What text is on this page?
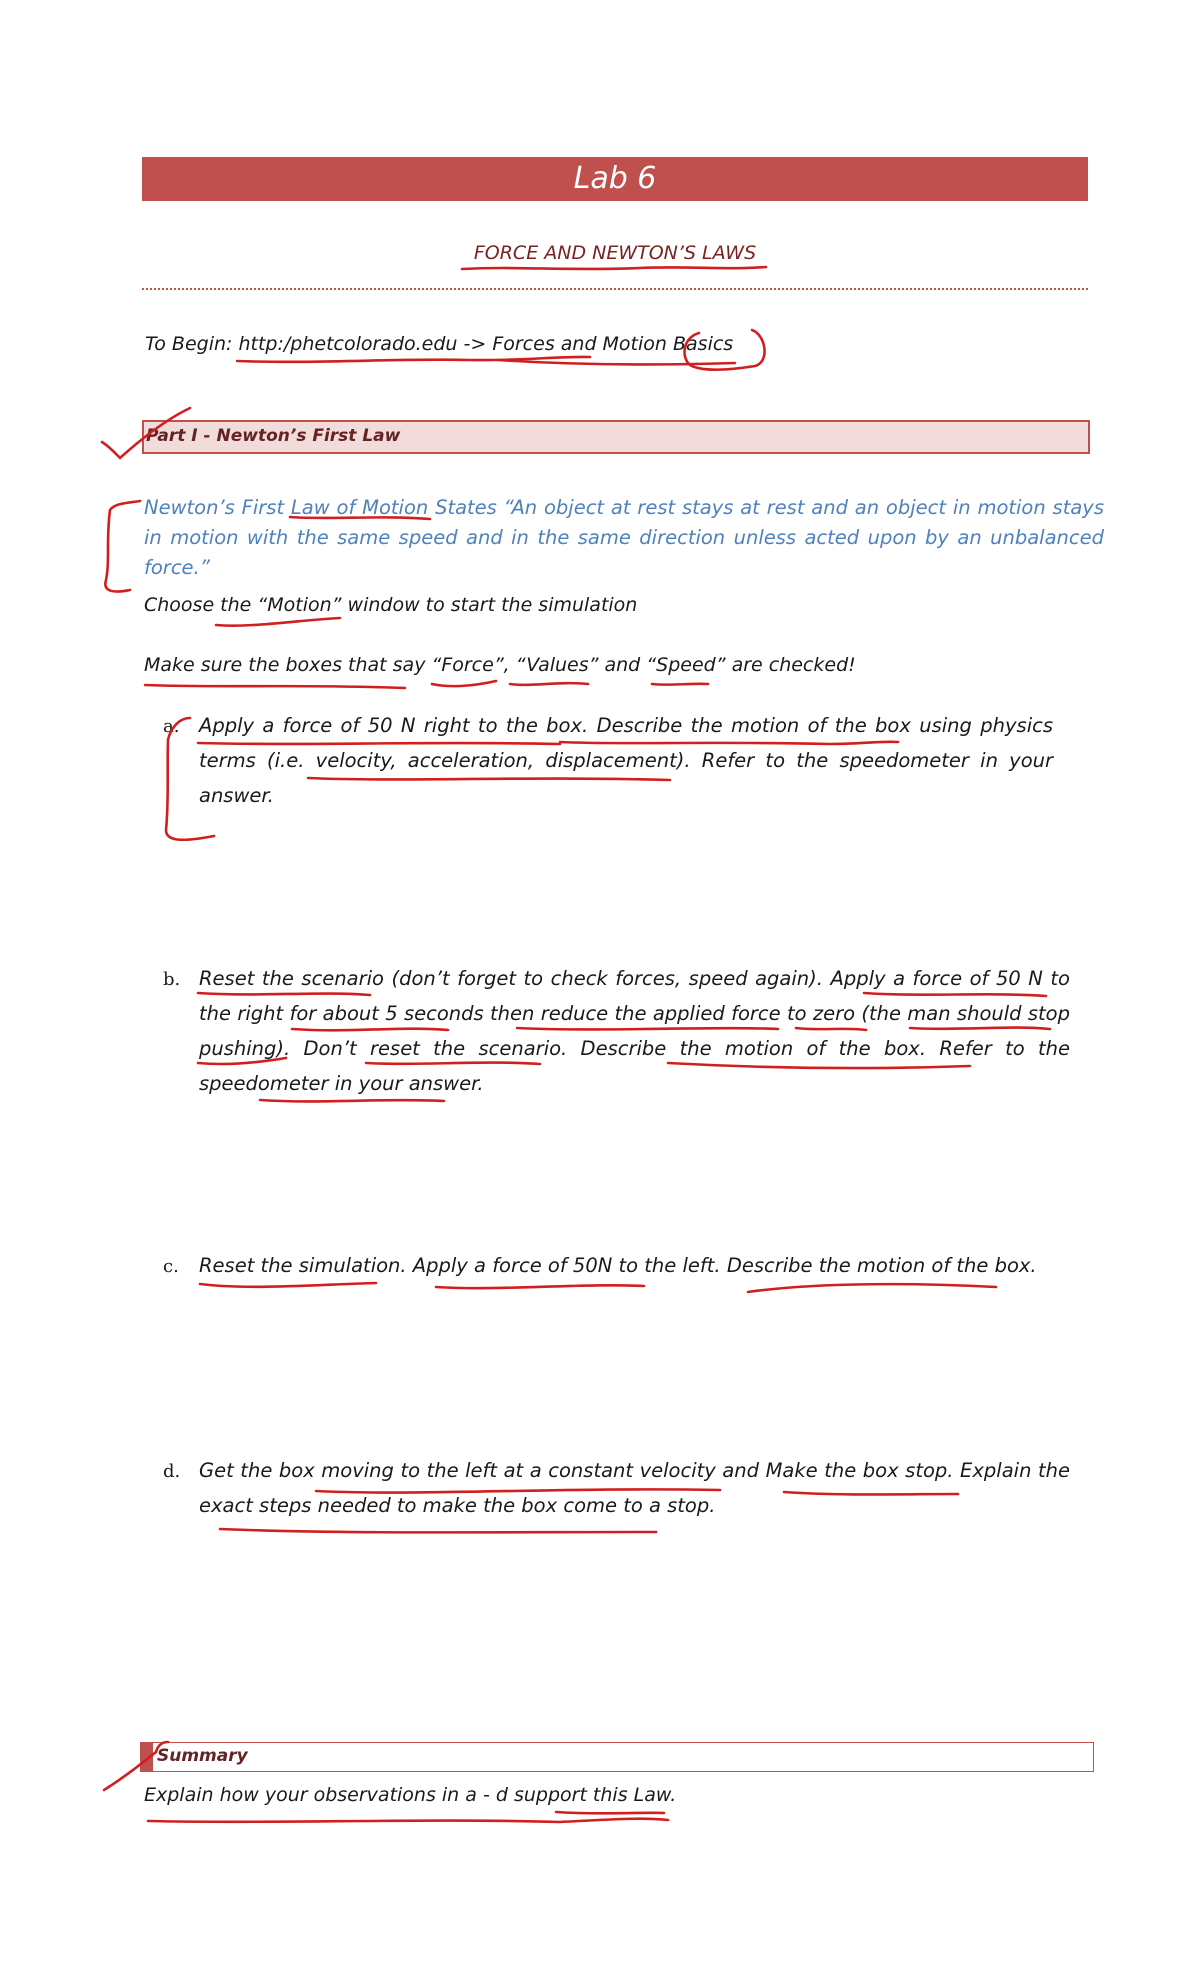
Lab 6
FORCE AND NEWTON’S LAWS
To Begin: http:/phetcolorado.edu -> Forces and Motion Basics
Part I - Newton’s First Law
Newton’s First Law of Motion States “An object at rest stays at rest and an object in motion stays in motion with the same speed and in the same direction unless acted upon by an unbalanced force.”
Choose the “Motion” window to start the simulation
Make sure the boxes that say “Force”, “Values” and “Speed” are checked!
a. Apply a force of 50 N right to the box. Describe the motion of the box using physics terms (i.e. velocity, acceleration, displacement). Refer to the speedometer in your answer.
b. Reset the scenario (don’t forget to check forces, speed again). Apply a force of 50 N to the right for about 5 seconds then reduce the applied force to zero (the man should stop pushing). Don’t reset the scenario. Describe the motion of the box. Refer to the speedometer in your answer.
c. Reset the simulation. Apply a force of 50N to the left. Describe the motion of the box.
d. Get the box moving to the left at a constant velocity and Make the box stop. Explain the exact steps needed to make the box come to a stop.
Summary
Explain how your observations in a - d support this Law.
